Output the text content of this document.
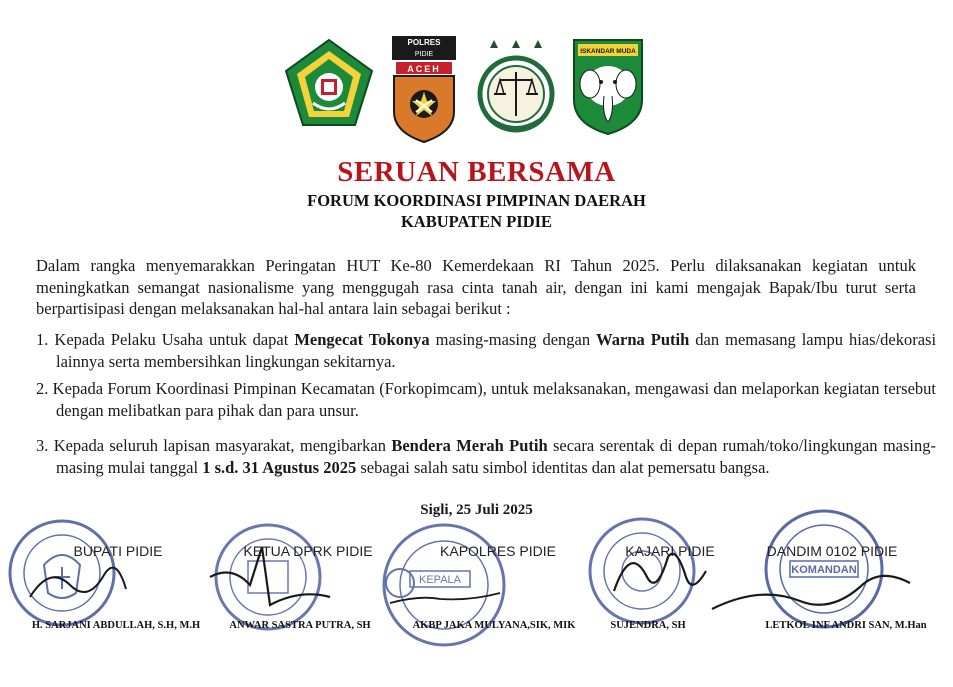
POLRES
PIDIE
ACEH
ISKANDAR MUDA
SERUAN BERSAMA
FORUM KOORDINASI PIMPINAN DAERAH
KABUPATEN PIDIE
Dalam rangka menyemarakkan Peringatan HUT Ke-80 Kemerdekaan RI Tahun 2025. Perlu dilaksanakan kegiatan untuk meningkatkan semangat nasionalisme yang menggugah rasa cinta tanah air, dengan ini kami mengajak Bapak/Ibu turut serta berpartisipasi dengan melaksanakan hal-hal antara lain sebagai berikut :
1. Kepada Pelaku Usaha untuk dapat Mengecat Tokonya masing-masing dengan Warna Putih dan memasang lampu hias/dekorasi lainnya serta membersihkan lingkungan sekitarnya.
2. Kepada Forum Koordinasi Pimpinan Kecamatan (Forkopimcam), untuk melaksanakan, mengawasi dan melaporkan kegiatan tersebut dengan melibatkan para pihak dan para unsur.
3. Kepada seluruh lapisan masyarakat, mengibarkan Bendera Merah Putih secara serentak di depan rumah/toko/lingkungan masing-masing mulai tanggal 1 s.d. 31 Agustus 2025 sebagai salah satu simbol identitas dan alat pemersatu bangsa.
Sigli, 25 Juli 2025
KEPALA
KOMANDAN
BUPATI PIDIE	KETUA DPRK PIDIE	KAPOLRES PIDIE	KAJARI PIDIE	DANDIM 0102 PIDIE
H. SARJANI ABDULLAH, S.H, M.H	ANWAR SASTRA PUTRA, SH	AKBP JAKA MULYANA,SIK, MIK	SUJENDRA, SH	LETKOL INF ANDRI SAN, M.Han
